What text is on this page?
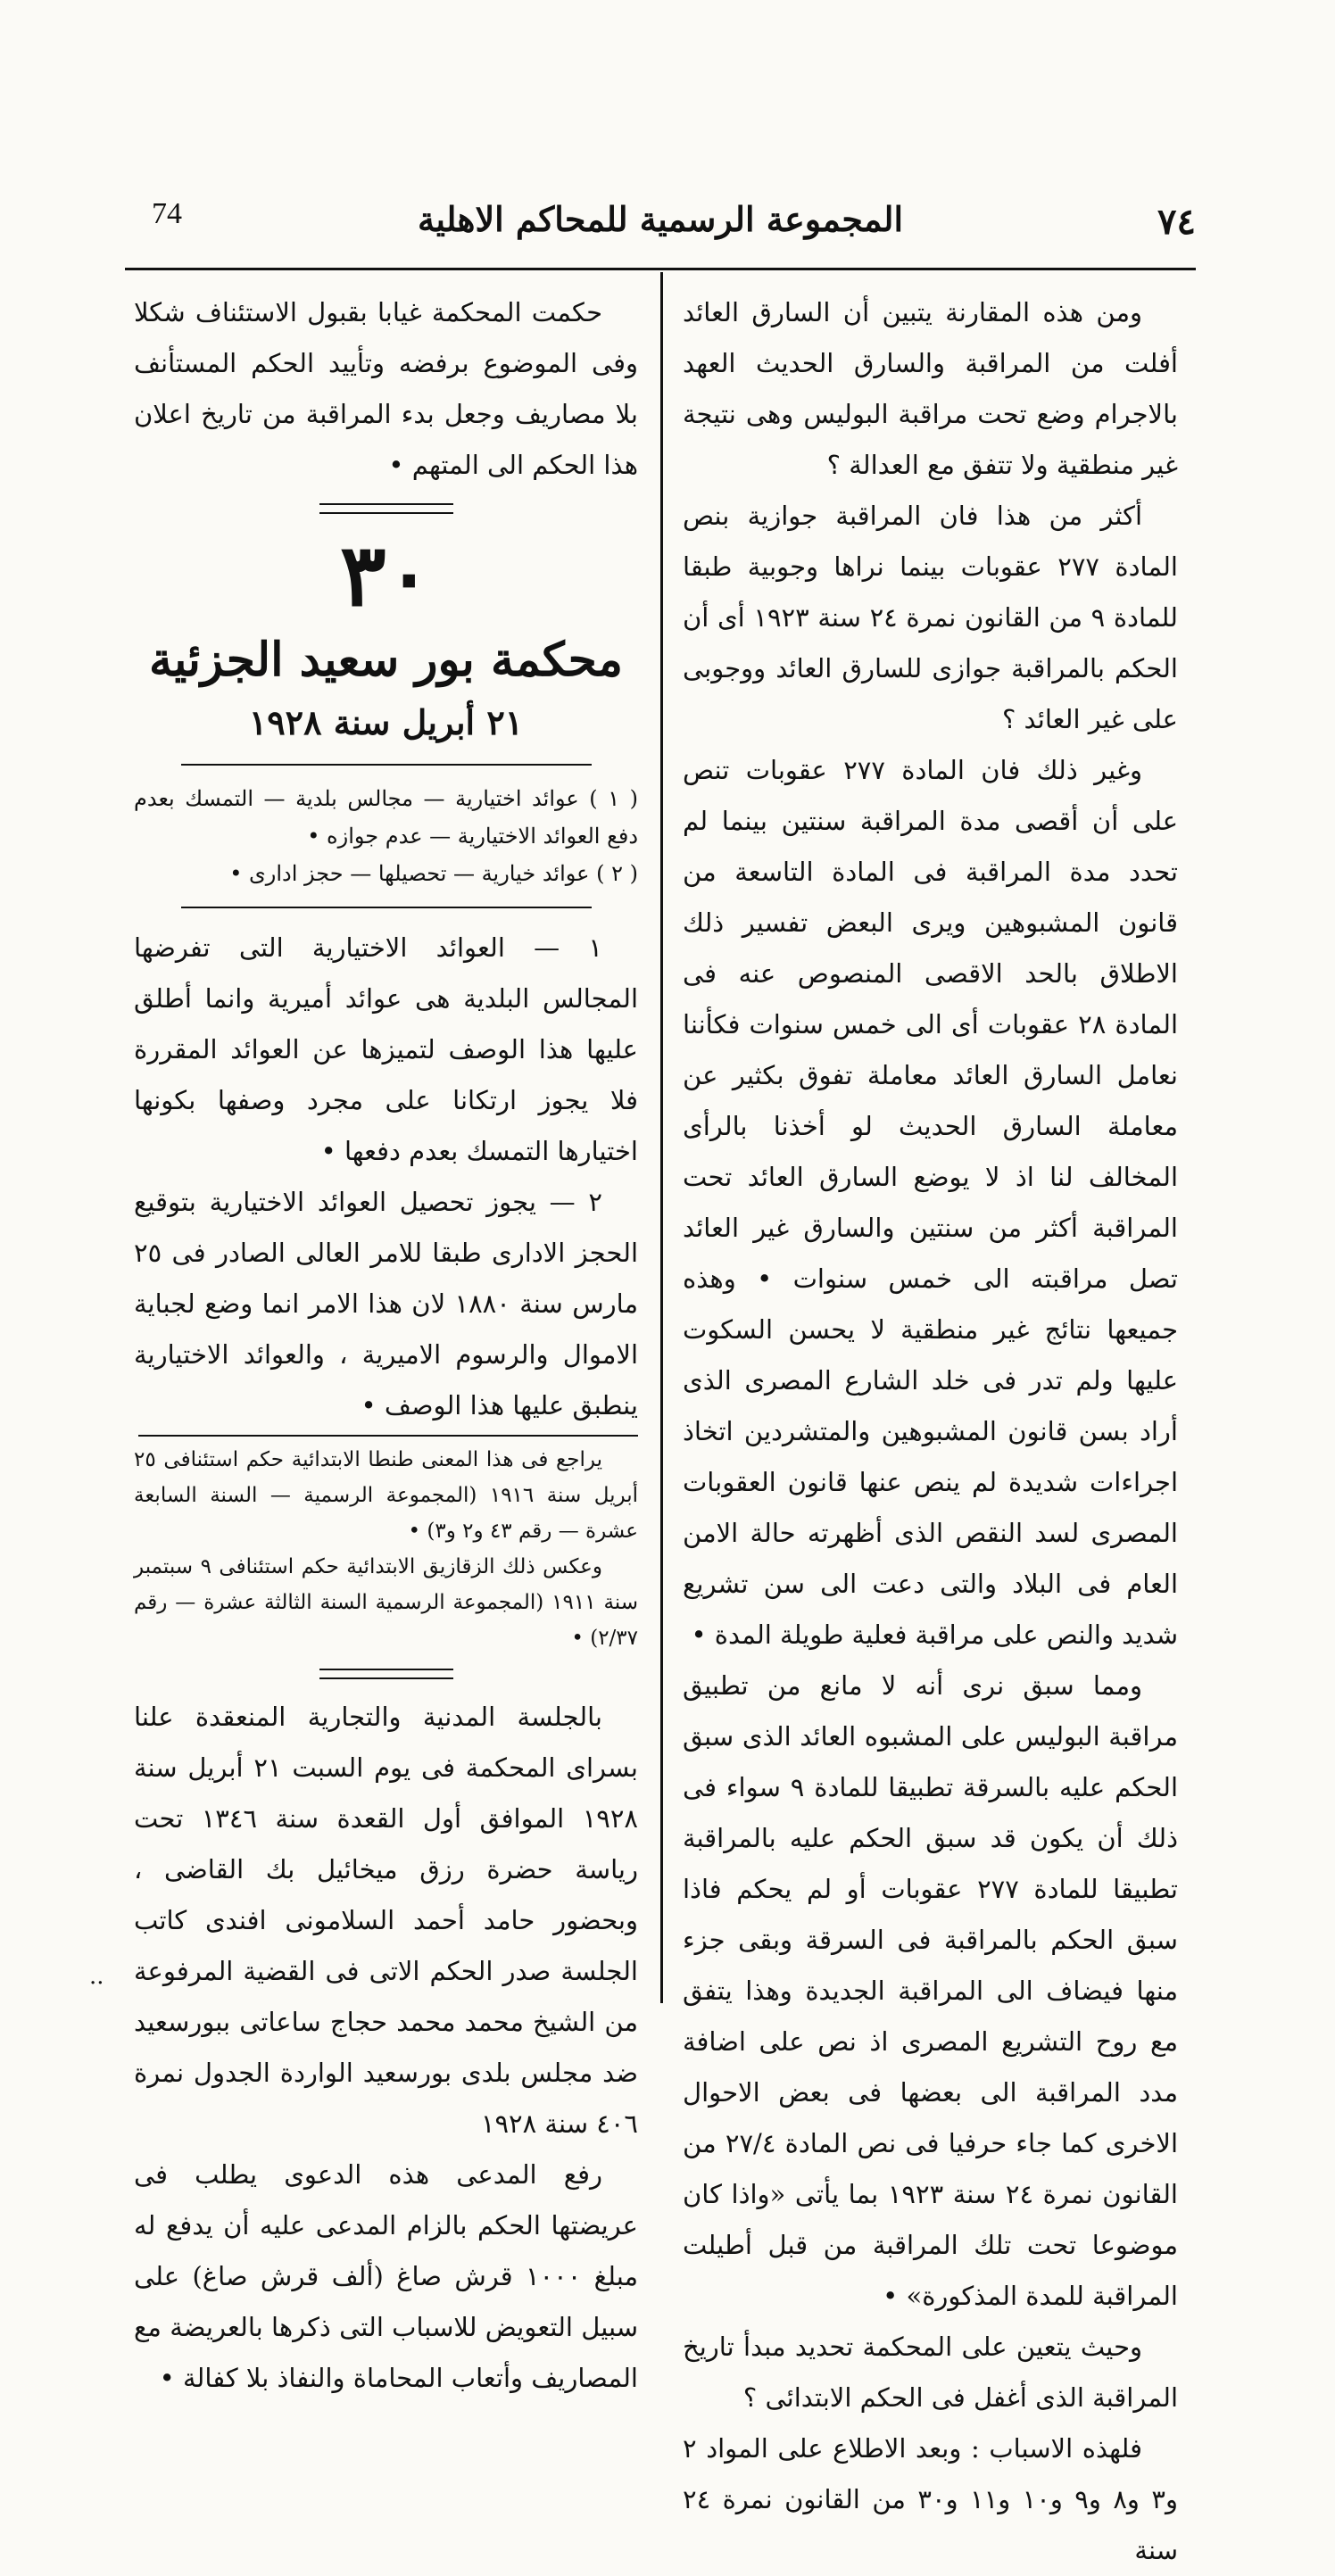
٧٤
المجموعة الرسمية للمحاكم الاهلية
74

ومن هذه المقارنة يتبين أن السارق العائد أفلت من المراقبة والسارق الحديث العهد بالاجرام وضع تحت مراقبة البوليس وهى نتيجة غير منطقية ولا تتفق مع العدالة ؟

أكثر من هذا فان المراقبة جوازية بنص المادة ٢٧٧ عقوبات بينما نراها وجوبية طبقا للمادة ٩ من القانون نمرة ٢٤ سنة ١٩٢٣ أى أن الحكم بالمراقبة جوازى للسارق العائد ووجوبى على غير العائد ؟

وغير ذلك فان المادة ٢٧٧ عقوبات تنص على أن أقصى مدة المراقبة سنتين بينما لم تحدد مدة المراقبة فى المادة التاسعة من قانون المشبوهين ويرى البعض تفسير ذلك الاطلاق بالحد الاقصى المنصوص عنه فى المادة ٢٨ عقوبات أى الى خمس سنوات فكأننا نعامل السارق العائد معاملة تفوق بكثير عن معاملة السارق الحديث لو أخذنا بالرأى المخالف لنا اذ لا يوضع السارق العائد تحت المراقبة أكثر من سنتين والسارق غير العائد تصل مراقبته الى خمس سنوات • وهذه جميعها نتائج غير منطقية لا يحسن السكوت عليها ولم تدر فى خلد الشارع المصرى الذى أراد بسن قانون المشبوهين والمتشردين اتخاذ اجراءات شديدة لم ينص عنها قانون العقوبات المصرى لسد النقص الذى أظهرته حالة الامن العام فى البلاد والتى دعت الى سن تشريع شديد والنص على مراقبة فعلية طويلة المدة •

ومما سبق نرى أنه لا مانع من تطبيق مراقبة البوليس على المشبوه العائد الذى سبق الحكم عليه بالسرقة تطبيقا للمادة ٩ سواء فى ذلك أن يكون قد سبق الحكم عليه بالمراقبة تطبيقا للمادة ٢٧٧ عقوبات أو لم يحكم فاذا سبق الحكم بالمراقبة فى السرقة وبقى جزء منها فيضاف الى المراقبة الجديدة وهذا يتفق مع روح التشريع المصرى اذ نص على اضافة مدد المراقبة الى بعضها فى بعض الاحوال الاخرى كما جاء حرفيا فى نص المادة ٢٧/٤ من القانون نمرة ٢٤ سنة ١٩٢٣ بما يأتى «واذا كان موضوعا تحت تلك المراقبة من قبل أطيلت المراقبة للمدة المذكورة» •

وحيث يتعين على المحكمة تحديد مبدأ تاريخ المراقبة الذى أغفل فى الحكم الابتدائى ؟

فلهذه الاسباب : وبعد الاطلاع على المواد ٢ و٣ و٨ و٩ و١٠ و١١ و٣٠ من القانون نمرة ٢٤ سنة

حكمت المحكمة غيابا بقبول الاستئناف شكلا وفى الموضوع برفضه وتأييد الحكم المستأنف بلا مصاريف وجعل بدء المراقبة من تاريخ اعلان هذا الحكم الى المتهم •

٣٠
محكمة بور سعيد الجزئية
٢١ أبريل سنة ١٩٢٨

( ١ ) عوائد اختيارية — مجالس بلدية — التمسك بعدم دفع العوائد الاختيارية — عدم جوازه •

( ٢ ) عوائد خيارية — تحصيلها — حجز ادارى •

١ — العوائد الاختيارية التى تفرضها المجالس البلدية هى عوائد أميرية وانما أطلق عليها هذا الوصف لتميزها عن العوائد المقررة فلا يجوز ارتكانا على مجرد وصفها بكونها اختيارها التمسك بعدم دفعها •

٢ — يجوز تحصيل العوائد الاختيارية بتوقيع الحجز الادارى طبقا للامر العالى الصادر فى ٢٥ مارس سنة ١٨٨٠ لان هذا الامر انما وضع لجباية الاموال والرسوم الاميرية ، والعوائد الاختيارية ينطبق عليها هذا الوصف •

يراجع فى هذا المعنى طنطا الابتدائية حكم استئنافى ٢٥ أبريل سنة ١٩١٦ (المجموعة الرسمية — السنة السابعة عشرة — رقم ٤٣ و٢ و٣) •

وعكس ذلك الزقازيق الابتدائية حكم استئنافى ٩ سبتمبر سنة ١٩١١ (المجموعة الرسمية السنة الثالثة عشرة — رقم ٢/٣٧) •

بالجلسة المدنية والتجارية المنعقدة علنا بسراى المحكمة فى يوم السبت ٢١ أبريل سنة ١٩٢٨ الموافق أول القعدة سنة ١٣٤٦ تحت رياسة حضرة رزق ميخائيل بك القاضى ، وبحضور حامد أحمد السلامونى افندى كاتب الجلسة صدر الحكم الاتى فى القضية المرفوعة من الشيخ محمد محمد حجاج ساعاتى ببورسعيد ضد مجلس بلدى بورسعيد الواردة الجدول نمرة ٤٠٦ سنة ١٩٢٨

رفع المدعى هذه الدعوى يطلب فى عريضتها الحكم بالزام المدعى عليه أن يدفع له مبلغ ١٠٠٠ قرش صاغ (ألف قرش صاغ) على سبيل التعويض للاسباب التى ذكرها بالعريضة مع المصاريف وأتعاب المحاماة والنفاذ بلا كفالة •

··
